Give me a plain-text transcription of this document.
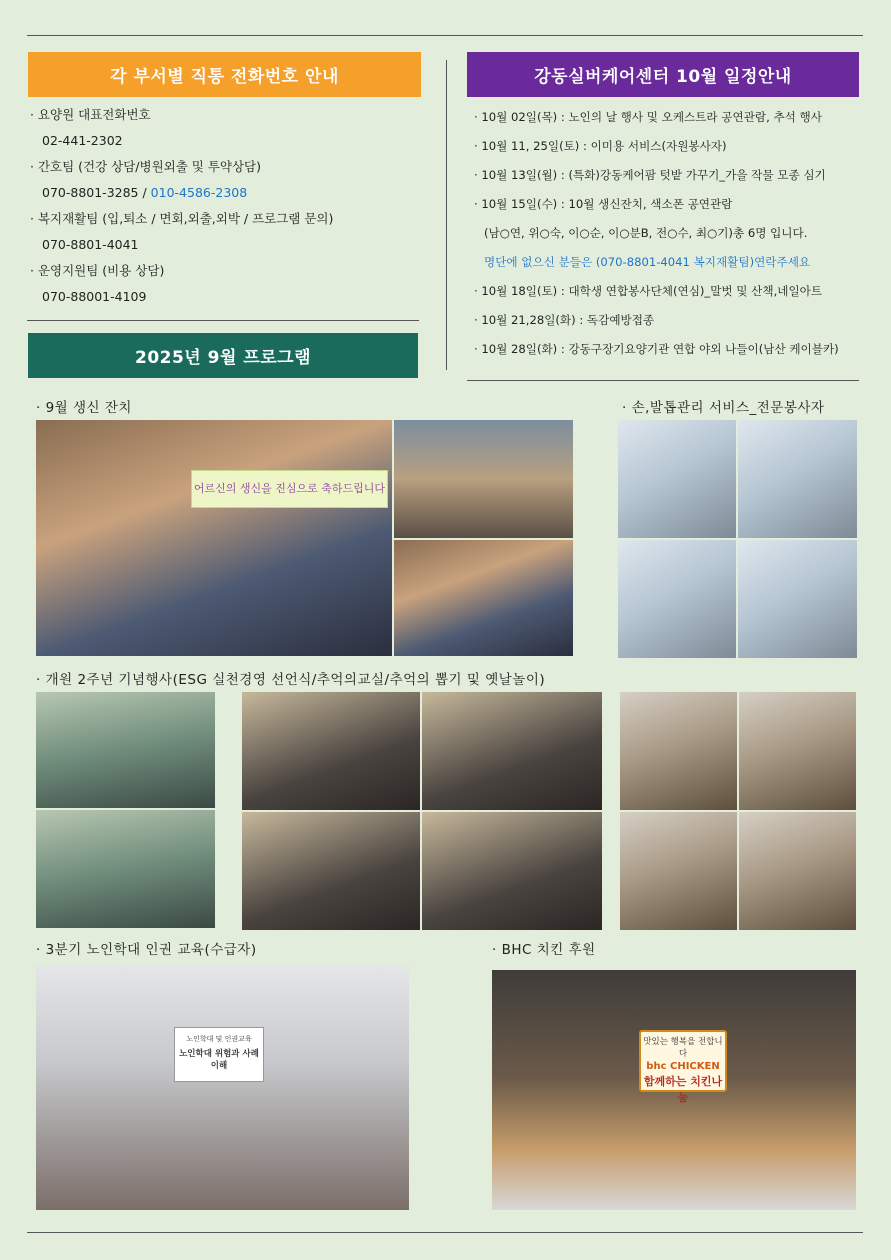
각 부서별 직통 전화번호 안내
· 요양원 대표전화번호
02-441-2302
· 간호팀 (건강 상담/병원외출 및 투약상담)
070-8801-3285 / 010-4586-2308
· 복지재활팀 (입,퇴소 / 면회,외출,외박 / 프로그램 문의)
070-8801-4041
· 운영지원팀 (비용 상담)
070-88001-4109
강동실버케어센터 10월 일정안내
· 10월 02일(목) : 노인의 날 행사 및 오케스트라 공연관람, 추석 행사
· 10월 11, 25일(토) : 이미용 서비스(자원봉사자)
· 10월 13일(월) : (특화)강동케어팜 텃밭 가꾸기_가을 작물 모종 심기
· 10월 15일(수) : 10월 생신잔치, 색소폰 공연관람
(남○연, 위○숙, 이○순, 이○분B, 전○수, 최○기)총 6명 입니다.
명단에 없으신 분들은 (070-8801-4041 복지재활팀)연락주세요
· 10월 18일(토) : 대학생 연합봉사단체(연심)_말벗 및 산책,네일아트
· 10월 21,28일(화) : 독감예방접종
· 10월 28일(화) : 강동구장기요양기관 연합 야외 나들이(남산 케이블카)
2025년 9월 프로그램
· 9월 생신 잔치	· 손,발톱관리 서비스_전문봉사자
· 개원 2주년 기념행사(ESG 실천경영 선언식/추억의교실/추억의 뽑기 및 옛날놀이)
· 3분기 노인학대 인권 교육(수급자)	· BHC 치킨 후원
어르신의 생신을 진심으로 축하드립니다
노인학대 및 인권교육
노인학대 위험과 사례 이해
맛있는 행복을 전합니다
bhc CHICKEN
함께하는 치킨나눔
